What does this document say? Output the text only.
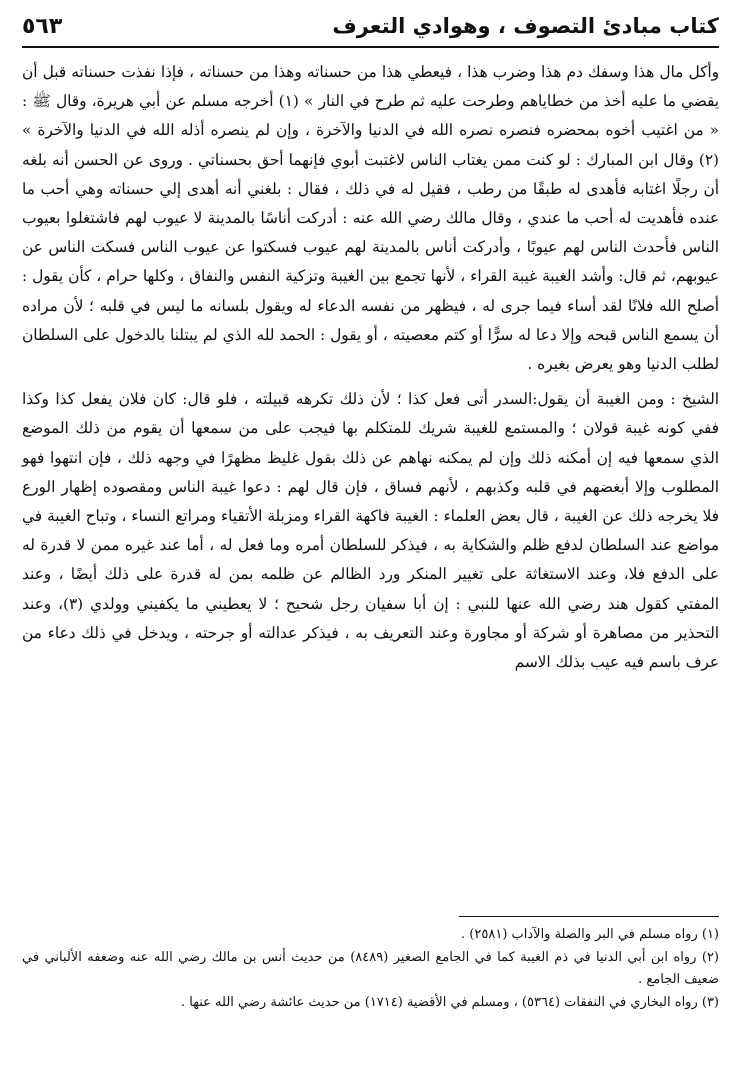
٥٦٣	كتاب مبادئ التصوف ، وهوادي التعرف

وأكل مال هذا وسفك دم هذا وضرب هذا ، فيعطي هذا من حسناته وهذا من حسناته ، فإذا نفذت حسناته قبل أن يقضي ما عليه أخذ من خطاياهم وطرحت عليه ثم طرح في النار » (١) أخرجه مسلم عن أبي هريرة، وقال ﷺ : « من اغتيب أخوه بمحضره فنصره نصره الله في الدنيا والآخرة ، وإن لم ينصره أذله الله في الدنيا والآخرة » (٢) وقال ابن المبارك : لو كنت ممن يغتاب الناس لاغتبت أبوي فإنهما أحق بحسناتي . وروى عن الحسن أنه بلغه أن رجلًا اغتابه فأهدى له طبقًا من رطب ، فقيل له في ذلك ، فقال : بلغني أنه أهدى إلي حسناته وهي أحب ما عنده فأهديت له أحب ما عندي ، وقال مالك رضي الله عنه : أدركت أناسًا بالمدينة لا عيوب لهم فاشتغلوا بعيوب الناس فأحدث الناس لهم عيوبًا ، وأدركت أناس بالمدينة لهم عيوب فسكتوا عن عيوب الناس فسكت الناس عن عيوبهم، ثم قال: وأشد الغيبة غيبة القراء ، لأنها تجمع بين الغيبة وتزكية النفس والنفاق ، وكلها حرام ، كأن يقول : أصلح الله فلانًا لقد أساء فيما جرى له ، فيظهر من نفسه الدعاء له ويقول بلسانه ما ليس في قلبه ؛ لأن مراده أن يسمع الناس قبحه وإلا دعا له سرًّا أو كتم معصيته ، أو يقول : الحمد لله الذي لم يبتلنا بالدخول على السلطان لطلب الدنيا وهو يعرض بغيره .

الشيخ : ومن الغيبة أن يقول:السدر أتى فعل كذا ؛ لأن ذلك تكرهه قبيلته ، فلو قال: كان فلان يفعل كذا وكذا ففي كونه غيبة قولان ؛ والمستمع للغيبة شريك للمتكلم بها فيجب على من سمعها أن يقوم من ذلك الموضع الذي سمعها فيه إن أمكنه ذلك وإن لم يمكنه نهاهم عن ذلك بقول غليظ مظهرًا في وجهه ذلك ، فإن انتهوا فهو المطلوب وإلا أبغضهم في قلبه وكذبهم ، لأنهم فساق ، فإن قال لهم : دعوا غيبة الناس ومقصوده إظهار الورع فلا يخرجه ذلك عن الغيبة ، قال بعض العلماء : الغيبة فاكهة القراء ومزبلة الأتقياء ومراتع النساء ، وتباح الغيبة في مواضع عند السلطان لدفع ظلم والشكاية به ، فيذكر للسلطان أمره وما فعل له ، أما عند غيره ممن لا قدرة له على الدفع فلا، وعند الاستغاثة على تغيير المنكر ورد الظالم عن ظلمه بمن له قدرة على ذلك أيضًا ، وعند المفتي كقول هند رضي الله عنها للنبي : إن أبا سفيان رجل شحيح ؛ لا يعطيني ما يكفيني وولدي (٣)، وعند التحذير من مصاهرة أو شركة أو مجاورة وعند التعريف به ، فيذكر عدالته أو جرحته ، ويدخل في ذلك دعاء من عرف باسم فيه عيب بذلك الاسم

(١) رواه مسلم في البر والصلة والآداب (٢٥٨١) .

(٢) رواه ابن أبي الدنيا في ذم الغيبة كما في الجامع الصغير (٨٤٨٩) من حديث أنس بن مالك رضي الله عنه وضعفه الألباني في ضعيف الجامع .

(٣) رواه البخاري في النفقات (٥٣٦٤) ، ومسلم في الأقضية (١٧١٤) من حديث عائشة رضي الله عنها .
